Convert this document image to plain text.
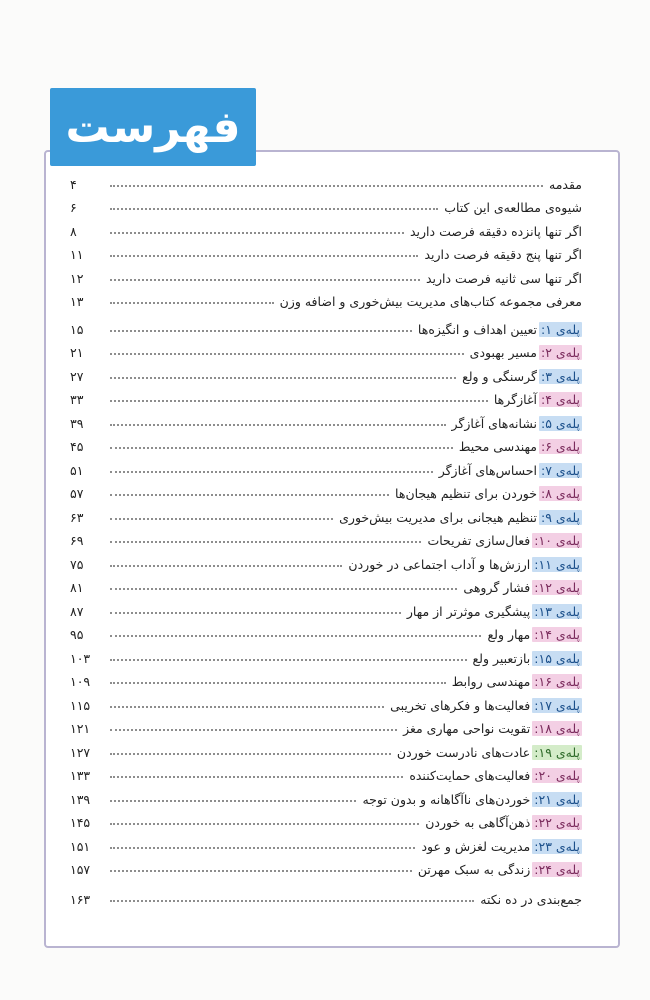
فهرست
مقدمه
۴
شیوه‌ی مطالعه‌ی این کتاب
۶
اگر تنها پانزده دقیقه فرصت دارید
۸
اگر تنها پنج دقیقه فرصت دارید
۱۱
اگر تنها سی ثانیه فرصت دارید
۱۲
معرفی مجموعه کتاب‌های مدیریت بیش‌خوری و اضافه وزن
۱۳
پله‌ی ۱:
تعیین اهداف و انگیزه‌ها
۱۵
پله‌ی ۲:
مسیر بهبودی
۲۱
پله‌ی ۳:
گرسنگی و ولع
۲۷
پله‌ی ۴:
آغازگرها
۳۳
پله‌ی ۵:
نشانه‌های آغازگر
۳۹
پله‌ی ۶:
مهندسی محیط
۴۵
پله‌ی ۷:
احساس‌های آغازگر
۵۱
پله‌ی ۸:
خوردن برای تنظیم هیجان‌ها
۵۷
پله‌ی ۹:
تنظیم هیجانی برای مدیریت بیش‌خوری
۶۳
پله‌ی ۱۰:
فعال‌سازی تفریحات
۶۹
پله‌ی ۱۱:
ارزش‌ها و آداب اجتماعی در خوردن
۷۵
پله‌ی ۱۲:
فشار گروهی
۸۱
پله‌ی ۱۳:
پیشگیری موثرتر از مهار
۸۷
پله‌ی ۱۴:
مهار ولع
۹۵
پله‌ی ۱۵:
بازتعبیر ولع
۱۰۳
پله‌ی ۱۶:
مهندسی روابط
۱۰۹
پله‌ی ۱۷:
فعالیت‌ها و فکرهای تخریبی
۱۱۵
پله‌ی ۱۸:
تقویت نواحی مهاری مغز
۱۲۱
پله‌ی ۱۹:
عادت‌های نادرست خوردن
۱۲۷
پله‌ی ۲۰:
فعالیت‌های حمایت‌کننده
۱۳۳
پله‌ی ۲۱:
خوردن‌های ناآگاهانه و بدون توجه
۱۳۹
پله‌ی ۲۲:
ذهن‌آگاهی به خوردن
۱۴۵
پله‌ی ۲۳:
مدیریت لغزش و عود
۱۵۱
پله‌ی ۲۴:
زندگی به سبک مهرتن
۱۵۷
جمع‌بندی در ده نکته
۱۶۳
